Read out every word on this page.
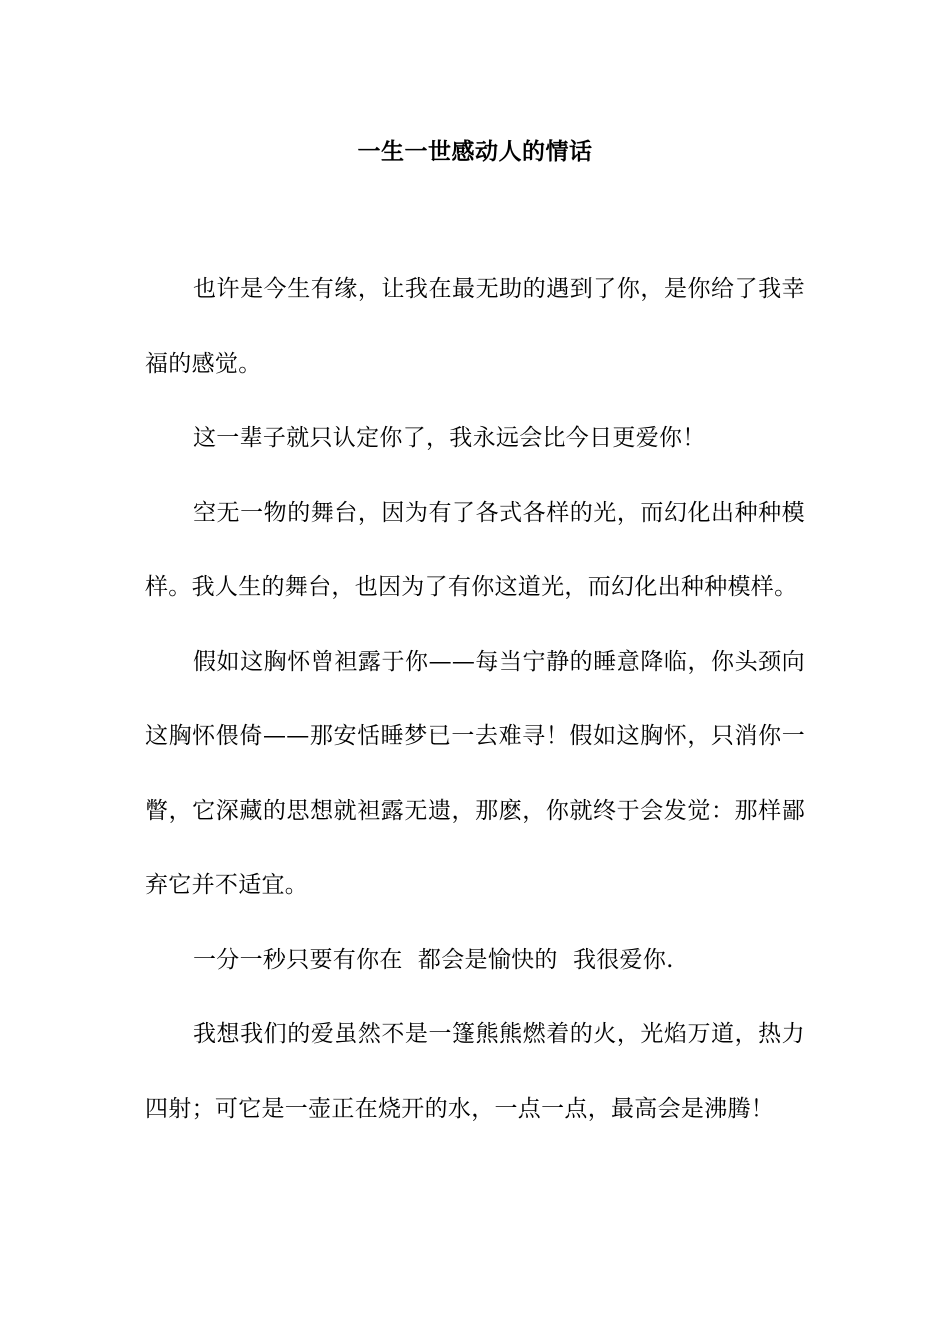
一生一世感动人的情话

也许是今生有缘，让我在最无助的遇到了你，是你给了我幸福的感觉。

这一辈子就只认定你了，我永远会比今日更爱你！

空无一物的舞台，因为有了各式各样的光，而幻化出种种模样。我人生的舞台，也因为了有你这道光，而幻化出种种模样。

假如这胸怀曾袒露于你——每当宁静的睡意降临，你头颈向这胸怀偎倚——那安恬睡梦已一去难寻！假如这胸怀，只消你一瞥，它深藏的思想就袒露无遗，那麽，你就终于会发觉：那样鄙弃它并不适宜。

一分一秒只要有你在  都会是愉快的  我很爱你.

我想我们的爱虽然不是一篷熊熊燃着的火，光焰万道，热力四射；可它是一壶正在烧开的水，一点一点，最高会是沸腾！
